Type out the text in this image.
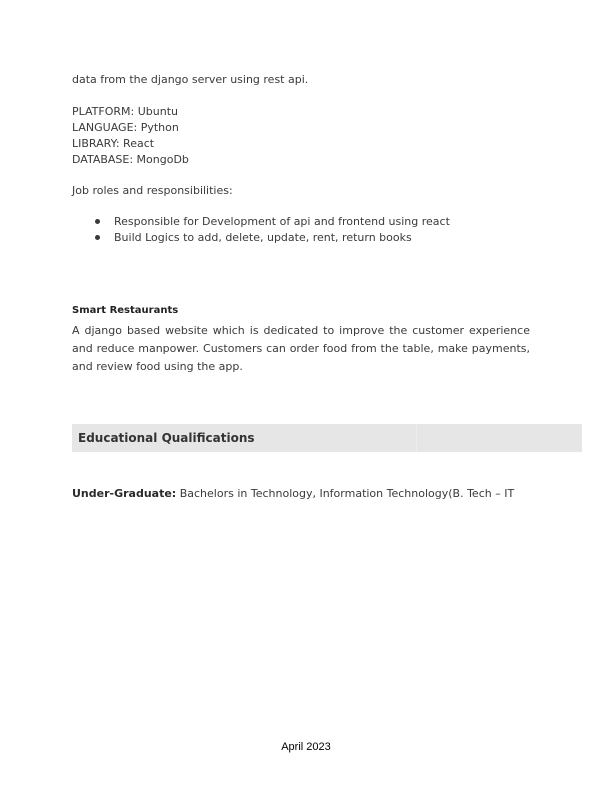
data from the django server using rest api.
PLATFORM: Ubuntu
LANGUAGE: Python
LIBRARY: React
DATABASE: MongoDb
Job roles and responsibilities:
Responsible for Development of api and frontend using react
Build Logics to add, delete, update, rent, return books
Smart Restaurants
A django based website which is dedicated to improve the customer experience and reduce manpower. Customers can order food from the table, make payments, and review food using the app.
Educational Qualifications
Under-Graduate: Bachelors in Technology, Information Technology(B. Tech – IT
April 2023
